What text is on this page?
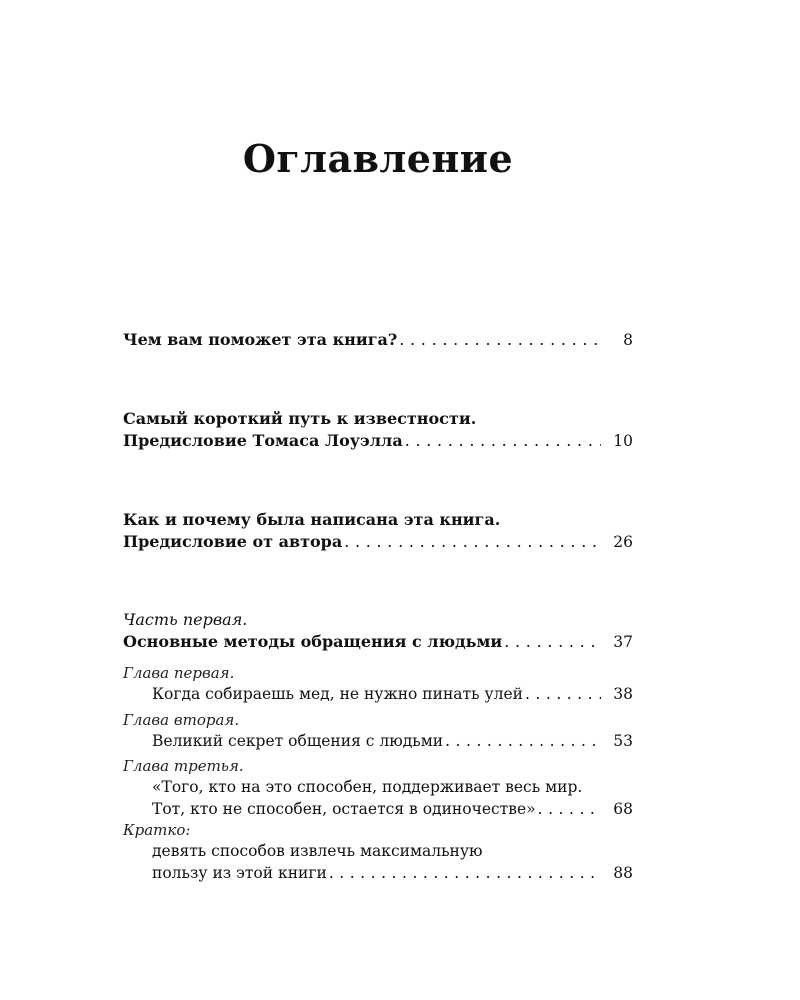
Оглавление
Чем вам поможет эта книга? . . .	8
Самый короткий путь к известности.
Предисловие Томаса Лоуэлла . . .	10
Как и почему была написана эта книга.
Предисловие от автора . . .	26
Часть первая.
Основные методы обращения с людьми . . .	37
Глава первая.
Когда собираешь мед, не нужно пинать улей . . .	38
Глава вторая.
Великий секрет общения с людьми . . .	53
Глава третья.
«Того, кто на это способен, поддерживает весь мир.
Тот, кто не способен, остается в одиночестве» . . .	68
Кратко:
девять способов извлечь максимальную
пользу из этой книги . . .	88
